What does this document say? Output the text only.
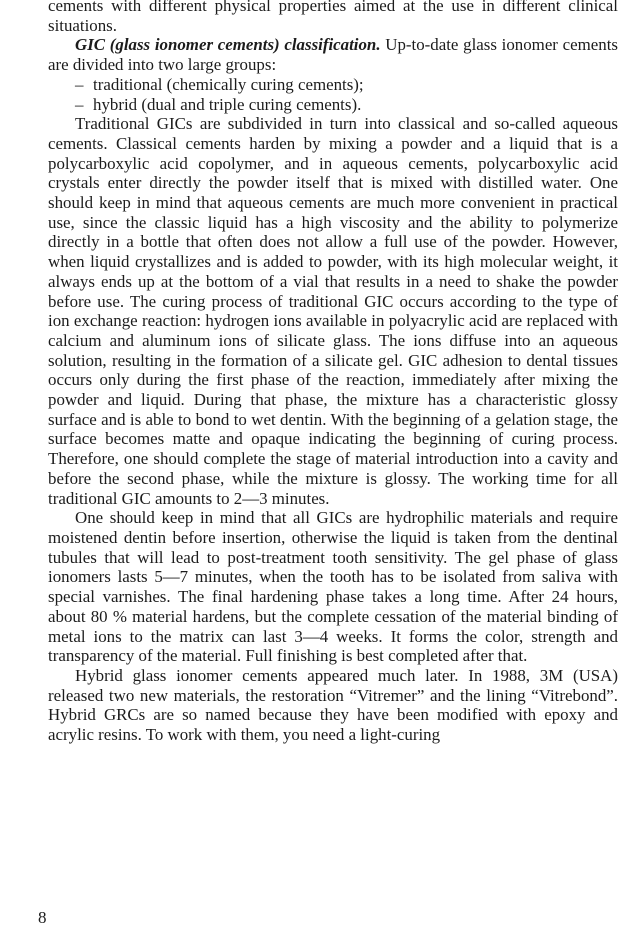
cements with different physical properties aimed at the use in different clinical situations.

GIC (glass ionomer cements) classification. Up-to-date glass ionomer cements are divided into two large groups:

– traditional (chemically curing cements);
– hybrid (dual and triple curing cements).

Traditional GICs are subdivided in turn into classical and so-called aqueous cements. Classical cements harden by mixing a powder and a liquid that is a polycarboxylic acid copolymer, and in aqueous cements, polycarboxylic acid crystals enter directly the powder itself that is mixed with distilled water. One should keep in mind that aqueous cements are much more convenient in practical use, since the classic liquid has a high viscosity and the ability to polymerize directly in a bottle that often does not allow a full use of the powder. However, when liquid crystallizes and is added to powder, with its high molecular weight, it always ends up at the bottom of a vial that results in a need to shake the powder before use. The curing process of traditional GIC occurs according to the type of ion exchange reaction: hydrogen ions available in polyacrylic acid are replaced with calcium and aluminum ions of silicate glass. The ions diffuse into an aqueous solution, resulting in the formation of a silicate gel. GIC adhesion to dental tissues occurs only during the first phase of the reaction, immediately after mixing the powder and liquid. During that phase, the mixture has a characteristic glossy surface and is able to bond to wet dentin. With the beginning of a gelation stage, the surface becomes matte and opaque indicating the beginning of curing process. Therefore, one should complete the stage of material introduction into a cavity and before the second phase, while the mixture is glossy. The working time for all traditional GIC amounts to 2—3 minutes.

One should keep in mind that all GICs are hydrophilic materials and require moistened dentin before insertion, otherwise the liquid is taken from the dentinal tubules that will lead to post-treatment tooth sensitivity. The gel phase of glass ionomers lasts 5—7 minutes, when the tooth has to be isolated from saliva with special varnishes. The final hardening phase takes a long time. After 24 hours, about 80 % material hardens, but the complete cessation of the material binding of metal ions to the matrix can last 3—4 weeks. It forms the color, strength and transparency of the material. Full finishing is best completed after that.

Hybrid glass ionomer cements appeared much later. In 1988, 3M (USA) released two new materials, the restoration “Vitremer” and the lining “Vitrebond”. Hybrid GRCs are so named because they have been modified with epoxy and acrylic resins. To work with them, you need a light-curing

8
